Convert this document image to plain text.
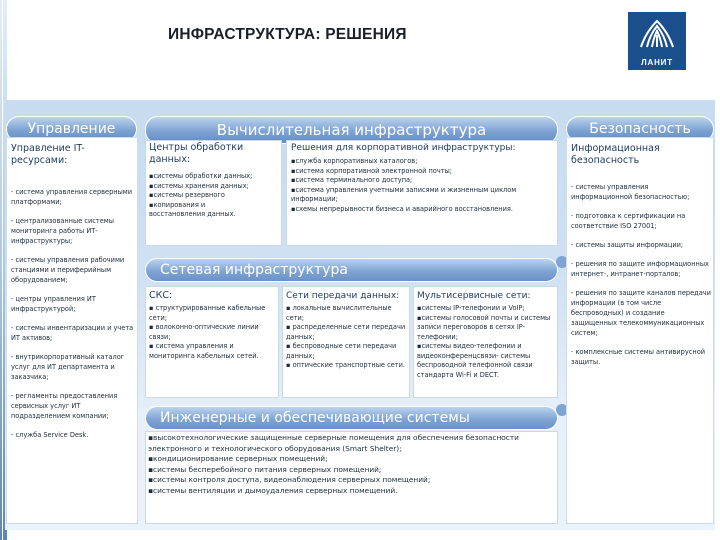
ИНФРАСТРУКТУРА: РЕШЕНИЯ
ЛАНИТ
Управление	Вычислительная инфраструктура	Безопасность
Управление IT-ресурсами:
- система управления серверными платформами;
- централизованные системы мониторинга работы ИТ-инфраструктуры;
- системы управления рабочими станциями и периферийным оборудованием;
- центры управления ИТ инфраструктурой;
- системы инвентаризации и учета ИТ активов;
- внутрикорпоративный каталог услуг для ИТ департамента и заказчика;
- регламенты предоставления сервисных услуг ИТ подразделением компании;
- служба Service Desk.
Центры обработки данных:
▪системы обработки данных;
▪системы хранения данных;
▪системы резервного
▪копирования и
восстановления данных.
Решения для корпоративной инфраструктуры:
▪служба корпоративных каталогов;
▪система корпоративной электронной почты;
▪система терминального доступа;
▪система управления учетными записями и жизненным циклом информации;
▪схемы непрерывности бизнеса и аварийного восстановления.
Сетевая инфраструктура
СКС:
▪ структурированные кабельные сети;
▪ волоконно-оптические линии связи;
▪ система управления и мониторинга кабельных сетей.
Сети передачи данных:
▪ локальные вычислительные сети;
▪ распределенные сети передачи данных;
▪ беспроводные сети передачи данных;
▪ оптические транспортные сети.
Мультисервисные сети:
▪системы IP-телефонии и VoIP;
▪системы голосовой почты и системы записи переговоров в сетях IP-телефонии;
▪системы видео-телефонии и видеоконференцсвязи- системы беспроводной телефонной связи стандарта Wi-Fi и DECT.
Инженерные и обеспечивающие системы
▪высокотехнологические защищенные серверные помещения для обеспечения безопасности электронного и технологического оборудования (Smart Shelter);
▪кондиционирование серверных помещений;
▪системы бесперебойного питания серверных помещений;
▪системы контроля доступа, видеонаблюдения серверных помещений;
▪системы вентиляции и дымоудаления серверных помещений.
Информационная безопасность
- системы управления информационной безопасностью;
- подготовка к сертификации на соответствие ISO 27001;
- системы защиты информации;
- решения по защите информационных интернет-, интранет-порталов;
- решения по защите каналов передачи информации (в том числе беспроводных) и создание защищенных телекоммуникационных систем;
- комплексные системы антивирусной защиты.
